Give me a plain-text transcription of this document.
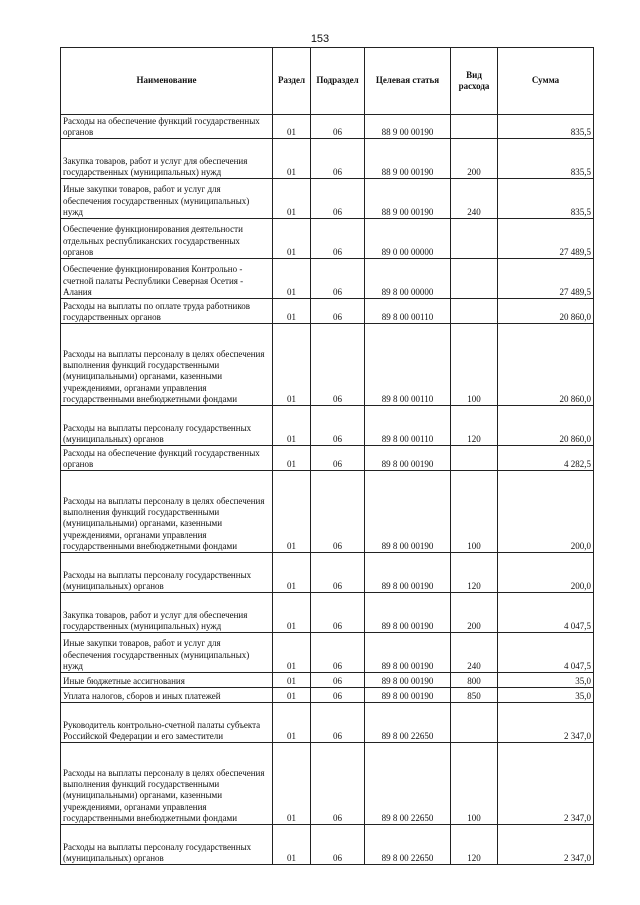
153
Наименование	Раздел	Подраздел	Целевая статья	Вид расхода	Сумма
Расходы на обеспечение функций государственных органов	01	06	88 9 00 00190		835,5
Закупка товаров, работ и услуг для обеспечения государственных (муниципальных) нужд	01	06	88 9 00 00190	200	835,5
Иные закупки товаров, работ и услуг для обеспечения государственных (муниципальных) нужд	01	06	88 9 00 00190	240	835,5
Обеспечение функционирования деятельности отдельных республиканских государственных органов	01	06	89 0 00 00000		27 489,5
Обеспечение функционирования Контрольно - счетной палаты Республики Северная Осетия - Алания	01	06	89 8 00 00000		27 489,5
Расходы на выплаты по оплате труда работников государственных органов	01	06	89 8 00 00110		20 860,0
Расходы на выплаты персоналу в целях обеспечения выполнения функций государственными (муниципальными) органами, казенными учреждениями, органами управления государственными внебюджетными фондами	01	06	89 8 00 00110	100	20 860,0
Расходы на выплаты персоналу государственных (муниципальных) органов	01	06	89 8 00 00110	120	20 860,0
Расходы на обеспечение функций государственных органов	01	06	89 8 00 00190		4 282,5
Расходы на выплаты персоналу в целях обеспечения выполнения функций государственными (муниципальными) органами, казенными учреждениями, органами управления государственными внебюджетными фондами	01	06	89 8 00 00190	100	200,0
Расходы на выплаты персоналу государственных (муниципальных) органов	01	06	89 8 00 00190	120	200,0
Закупка товаров, работ и услуг для обеспечения государственных (муниципальных) нужд	01	06	89 8 00 00190	200	4 047,5
Иные закупки товаров, работ и услуг для обеспечения государственных (муниципальных) нужд	01	06	89 8 00 00190	240	4 047,5
Иные бюджетные ассигнования	01	06	89 8 00 00190	800	35,0
Уплата налогов, сборов и иных платежей	01	06	89 8 00 00190	850	35,0
Руководитель контрольно-счетной палаты субъекта Российской Федерации и его заместители	01	06	89 8 00 22650		2 347,0
Расходы на выплаты персоналу в целях обеспечения выполнения функций государственными (муниципальными) органами, казенными учреждениями, органами управления государственными внебюджетными фондами	01	06	89 8 00 22650	100	2 347,0
Расходы на выплаты персоналу государственных (муниципальных) органов	01	06	89 8 00 22650	120	2 347,0
